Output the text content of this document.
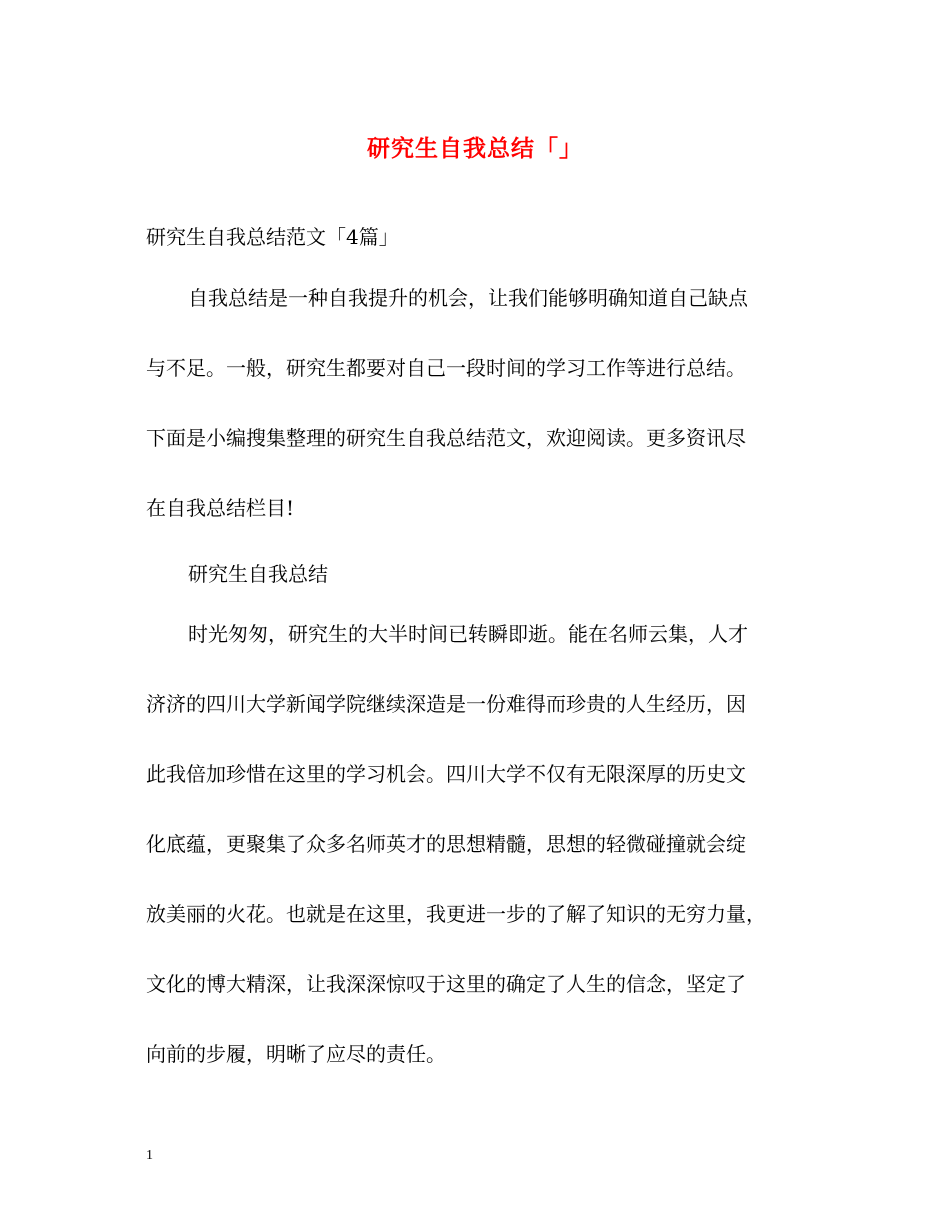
研究生自我总结「」
研究生自我总结范文「4篇」
自我总结是一种自我提升的机会，让我们能够明确知道自己缺点
与不足。一般，研究生都要对自己一段时间的学习工作等进行总结。
下面是小编搜集整理的研究生自我总结范文，欢迎阅读。更多资讯尽
在自我总结栏目!
研究生自我总结
时光匆匆，研究生的大半时间已转瞬即逝。能在名师云集，人才
济济的四川大学新闻学院继续深造是一份难得而珍贵的人生经历，因
此我倍加珍惜在这里的学习机会。四川大学不仅有无限深厚的历史文
化底蕴，更聚集了众多名师英才的思想精髓，思想的轻微碰撞就会绽
放美丽的火花。也就是在这里，我更进一步的了解了知识的无穷力量，
文化的博大精深，让我深深惊叹于这里的确定了人生的信念，坚定了
向前的步履，明晰了应尽的责任。
1
